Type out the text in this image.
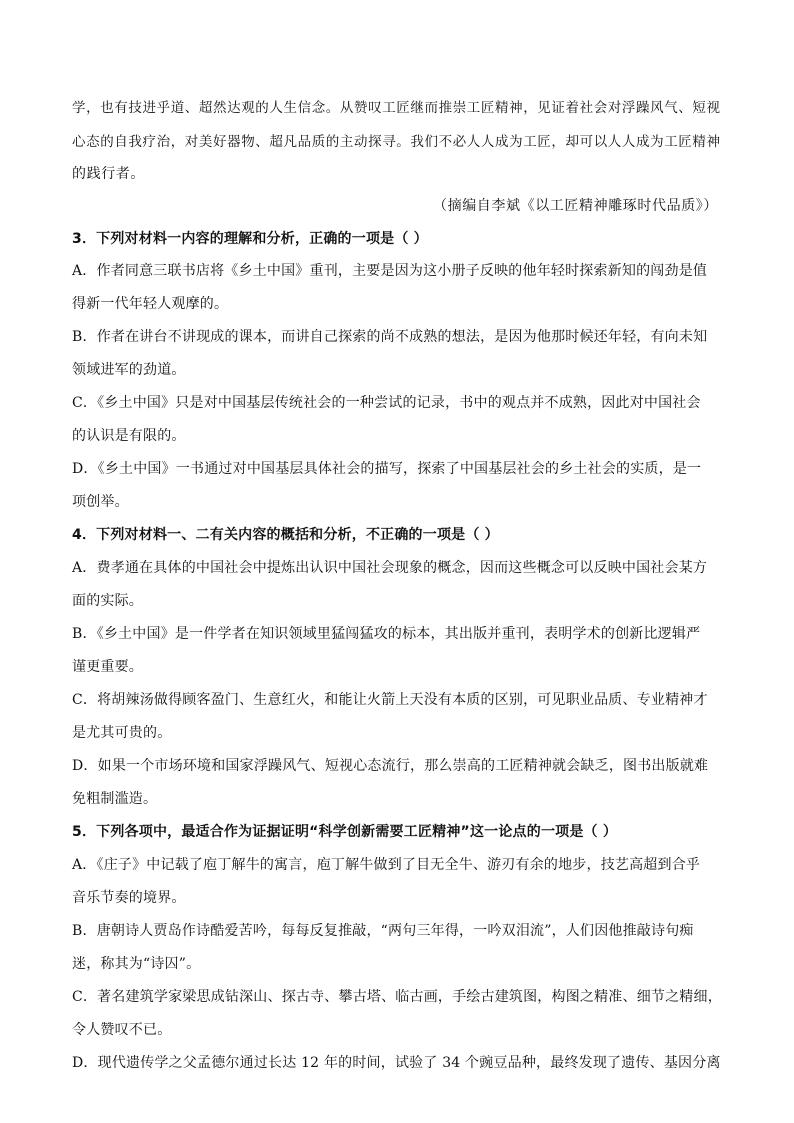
学，也有技进乎道、超然达观的人生信念。从赞叹工匠继而推崇工匠精神，见证着社会对浮躁风气、短视
心态的自我疗治，对美好器物、超凡品质的主动探寻。我们不必人人成为工匠，却可以人人成为工匠精神
的践行者。
（摘编自李斌《以工匠精神雕琢时代品质》）
3．下列对材料一内容的理解和分析，正确的一项是（ ）
A．作者同意三联书店将《乡土中国》重刊，主要是因为这小册子反映的他年轻时探索新知的闯劲是值
得新一代年轻人观摩的。
B．作者在讲台不讲现成的课本，而讲自己探索的尚不成熟的想法，是因为他那时候还年轻，有向未知
领域进军的劲道。
C．《乡土中国》只是对中国基层传统社会的一种尝试的记录，书中的观点并不成熟，因此对中国社会
的认识是有限的。
D．《乡土中国》一书通过对中国基层具体社会的描写，探索了中国基层社会的乡土社会的实质，是一
项创举。
4．下列对材料一、二有关内容的概括和分析，不正确的一项是（ ）
A．费孝通在具体的中国社会中提炼出认识中国社会现象的概念，因而这些概念可以反映中国社会某方
面的实际。
B．《乡土中国》是一件学者在知识领域里猛闯猛攻的标本，其出版并重刊，表明学术的创新比逻辑严
谨更重要。
C．将胡辣汤做得顾客盈门、生意红火，和能让火箭上天没有本质的区别，可见职业品质、专业精神才
是尤其可贵的。
D．如果一个市场环境和国家浮躁风气、短视心态流行，那么崇高的工匠精神就会缺乏，图书出版就难
免粗制滥造。
5．下列各项中，最适合作为证据证明“科学创新需要工匠精神”这一论点的一项是（ ）
A．《庄子》中记载了庖丁解牛的寓言，庖丁解牛做到了目无全牛、游刃有余的地步，技艺高超到合乎
音乐节奏的境界。
B．唐朝诗人贾岛作诗酷爱苦吟，每每反复推敲，“两句三年得，一吟双泪流”，人们因他推敲诗句痴
迷，称其为“诗囚”。
C．著名建筑学家梁思成钻深山、探古寺、攀古塔、临古画，手绘古建筑图，构图之精准、细节之精细，
令人赞叹不已。
D．现代遗传学之父孟德尔通过长达 12 年的时间，试验了 34 个豌豆品种，最终发现了遗传、基因分离
